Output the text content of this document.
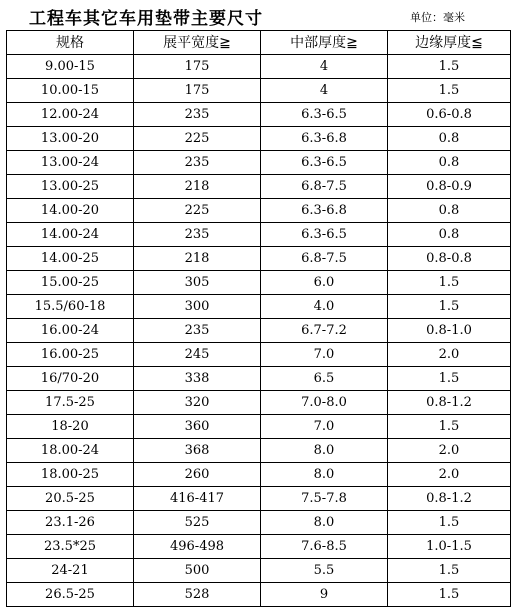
工程车其它车用垫带主要尺寸	单位：毫米
规格	展平宽度≧	中部厚度≧	边缘厚度≦
9.00-15	175	4	1.5
10.00-15	175	4	1.5
12.00-24	235	6.3-6.5	0.6-0.8
13.00-20	225	6.3-6.8	0.8
13.00-24	235	6.3-6.5	0.8
13.00-25	218	6.8-7.5	0.8-0.9
14.00-20	225	6.3-6.8	0.8
14.00-24	235	6.3-6.5	0.8
14.00-25	218	6.8-7.5	0.8-0.8
15.00-25	305	6.0	1.5
15.5/60-18	300	4.0	1.5
16.00-24	235	6.7-7.2	0.8-1.0
16.00-25	245	7.0	2.0
16/70-20	338	6.5	1.5
17.5-25	320	7.0-8.0	0.8-1.2
18-20	360	7.0	1.5
18.00-24	368	8.0	2.0
18.00-25	260	8.0	2.0
20.5-25	416-417	7.5-7.8	0.8-1.2
23.1-26	525	8.0	1.5
23.5*25	496-498	7.6-8.5	1.0-1.5
24-21	500	5.5	1.5
26.5-25	528	9	1.5
